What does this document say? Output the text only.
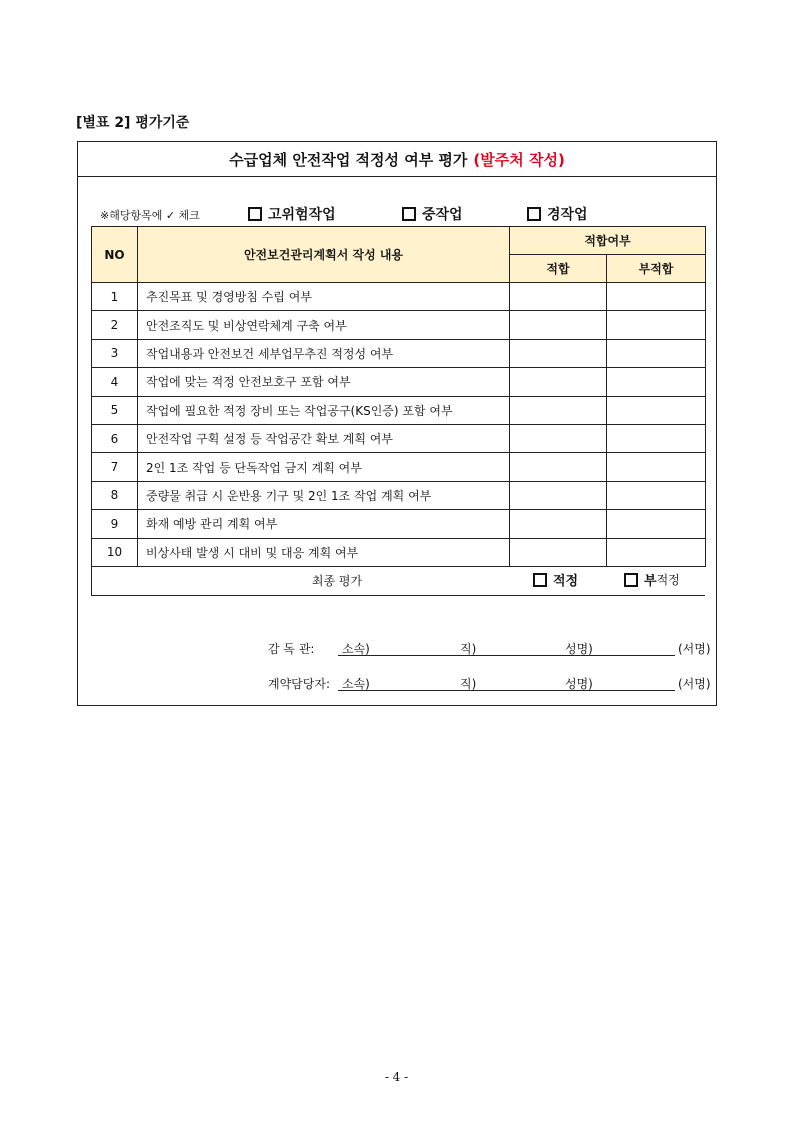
[별표 2] 평가기준
수급업체 안전작업 적정성 여부 평가 (발주처 작성)
※해당항목에 ✓ 체크	고위험작업	중작업	경작업
NO	안전보건관리계획서 작성 내용	적합여부	
		적합	부적합
1	추진목표 및 경영방침 수립 여부		
2	안전조직도 및 비상연락체계 구축 여부		
3	작업내용과 안전보건 세부업무추진 적정성 여부		
4	작업에 맞는 적정 안전보호구 포함 여부		
5	작업에 필요한 적정 장비 또는 작업공구(KS인증) 포함 여부		
6	안전작업 구획 설정 등 작업공간 확보 계획 여부		
7	2인 1조 작업 등 단독작업 금지 계획 여부		
8	중량물 취급 시 운반용 기구 및 2인 1조 작업 계획 여부		
9	화재 예방 관리 계획 여부		
10	비상사태 발생 시 대비 및 대응 계획 여부		
최종 평가	적정	부 적정
감 독 관: 소속)	직)	성명)	(서명)
계약담당자: 소속)	직)	성명)	(서명)
- 4 -
